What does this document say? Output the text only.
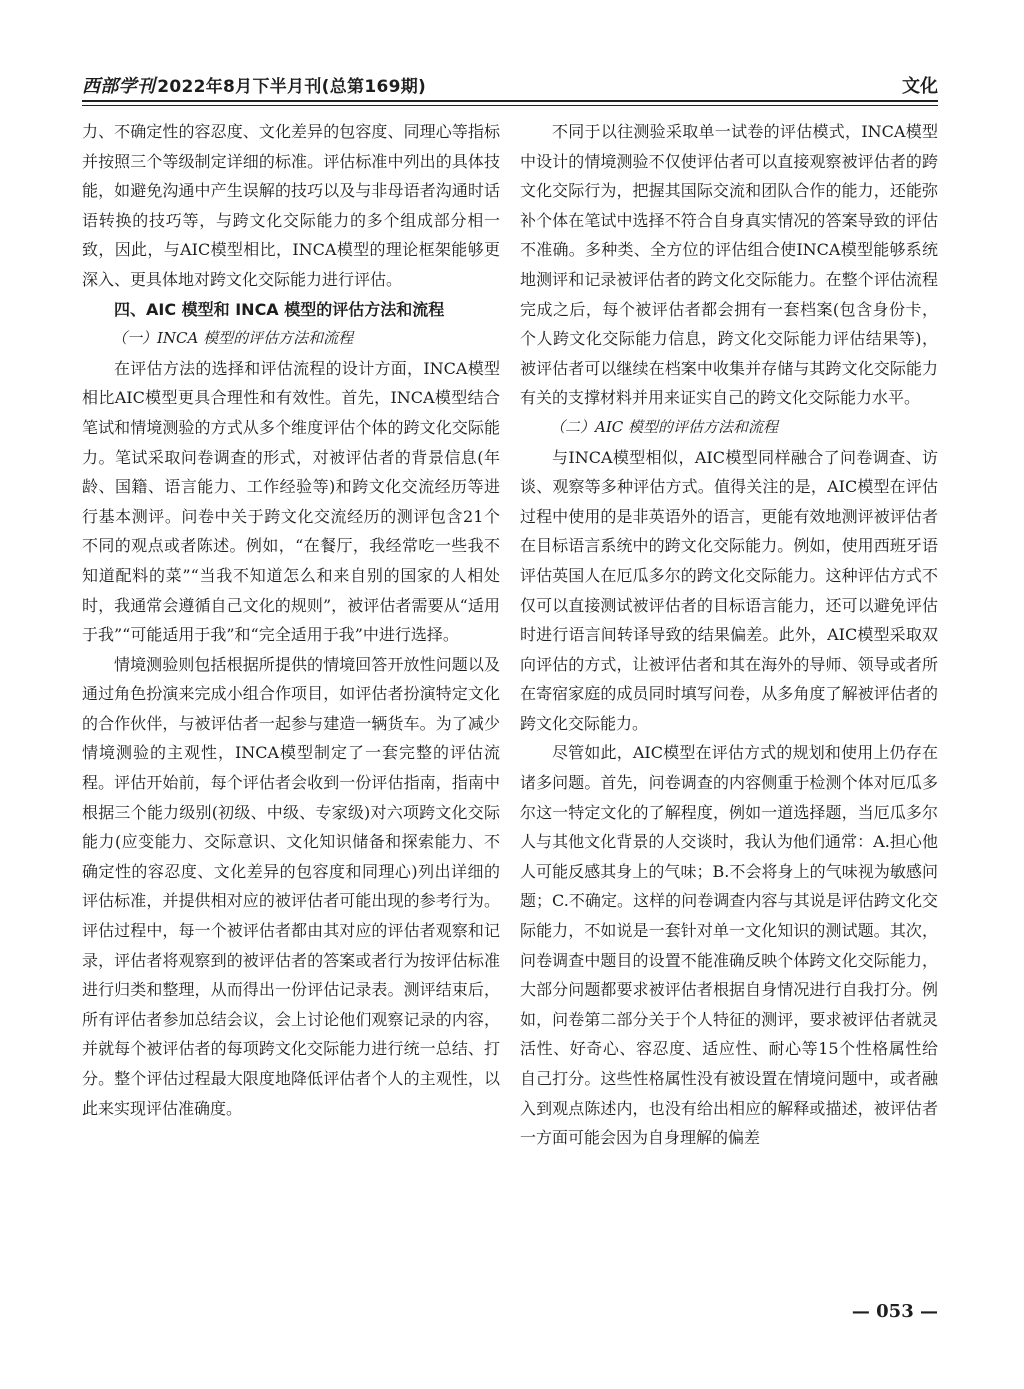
西部学刊 2022年8月下半月刊(总第169期)	文化

力、不确定性的容忍度、文化差异的包容度、同理心等指标并按照三个等级制定详细的标准。评估标准中列出的具体技能，如避免沟通中产生误解的技巧以及与非母语者沟通时话语转换的技巧等，与跨文化交际能力的多个组成部分相一致，因此，与AIC模型相比，INCA模型的理论框架能够更深入、更具体地对跨文化交际能力进行评估。

四、AIC 模型和 INCA 模型的评估方法和流程
（一）INCA 模型的评估方法和流程

在评估方法的选择和评估流程的设计方面，INCA模型相比AIC模型更具合理性和有效性。首先，INCA模型结合笔试和情境测验的方式从多个维度评估个体的跨文化交际能力。笔试采取问卷调查的形式，对被评估者的背景信息(年龄、国籍、语言能力、工作经验等)和跨文化交流经历等进行基本测评。问卷中关于跨文化交流经历的测评包含21个不同的观点或者陈述。例如，“在餐厅，我经常吃一些我不知道配料的菜”“当我不知道怎么和来自别的国家的人相处时，我通常会遵循自己文化的规则”，被评估者需要从“适用于我”“可能适用于我”和“完全适用于我”中进行选择。

情境测验则包括根据所提供的情境回答开放性问题以及通过角色扮演来完成小组合作项目，如评估者扮演特定文化的合作伙伴，与被评估者一起参与建造一辆货车。为了减少情境测验的主观性，INCA模型制定了一套完整的评估流程。评估开始前，每个评估者会收到一份评估指南，指南中根据三个能力级别(初级、中级、专家级)对六项跨文化交际能力(应变能力、交际意识、文化知识储备和探索能力、不确定性的容忍度、文化差异的包容度和同理心)列出详细的评估标准，并提供相对应的被评估者可能出现的参考行为。评估过程中，每一个被评估者都由其对应的评估者观察和记录，评估者将观察到的被评估者的答案或者行为按评估标准进行归类和整理，从而得出一份评估记录表。测评结束后，所有评估者参加总结会议，会上讨论他们观察记录的内容，并就每个被评估者的每项跨文化交际能力进行统一总结、打分。整个评估过程最大限度地降低评估者个人的主观性，以此来实现评估准确度。

不同于以往测验采取单一试卷的评估模式，INCA模型中设计的情境测验不仅使评估者可以直接观察被评估者的跨文化交际行为，把握其国际交流和团队合作的能力，还能弥补个体在笔试中选择不符合自身真实情况的答案导致的评估不准确。多种类、全方位的评估组合使INCA模型能够系统地测评和记录被评估者的跨文化交际能力。在整个评估流程完成之后，每个被评估者都会拥有一套档案(包含身份卡，个人跨文化交际能力信息，跨文化交际能力评估结果等)，被评估者可以继续在档案中收集并存储与其跨文化交际能力有关的支撑材料并用来证实自己的跨文化交际能力水平。

（二）AIC 模型的评估方法和流程

与INCA模型相似，AIC模型同样融合了问卷调查、访谈、观察等多种评估方式。值得关注的是，AIC模型在评估过程中使用的是非英语外的语言，更能有效地测评被评估者在目标语言系统中的跨文化交际能力。例如，使用西班牙语评估英国人在厄瓜多尔的跨文化交际能力。这种评估方式不仅可以直接测试被评估者的目标语言能力，还可以避免评估时进行语言间转译导致的结果偏差。此外，AIC模型采取双向评估的方式，让被评估者和其在海外的导师、领导或者所在寄宿家庭的成员同时填写问卷，从多角度了解被评估者的跨文化交际能力。

尽管如此，AIC模型在评估方式的规划和使用上仍存在诸多问题。首先，问卷调查的内容侧重于检测个体对厄瓜多尔这一特定文化的了解程度，例如一道选择题，当厄瓜多尔人与其他文化背景的人交谈时，我认为他们通常：A.担心他人可能反感其身上的气味；B.不会将身上的气味视为敏感问题；C.不确定。这样的问卷调查内容与其说是评估跨文化交际能力，不如说是一套针对单一文化知识的测试题。其次，问卷调查中题目的设置不能准确反映个体跨文化交际能力，大部分问题都要求被评估者根据自身情况进行自我打分。例如，问卷第二部分关于个人特征的测评，要求被评估者就灵活性、好奇心、容忍度、适应性、耐心等15个性格属性给自己打分。这些性格属性没有被设置在情境问题中，或者融入到观点陈述内，也没有给出相应的解释或描述，被评估者一方面可能会因为自身理解的偏差

— 053 —
